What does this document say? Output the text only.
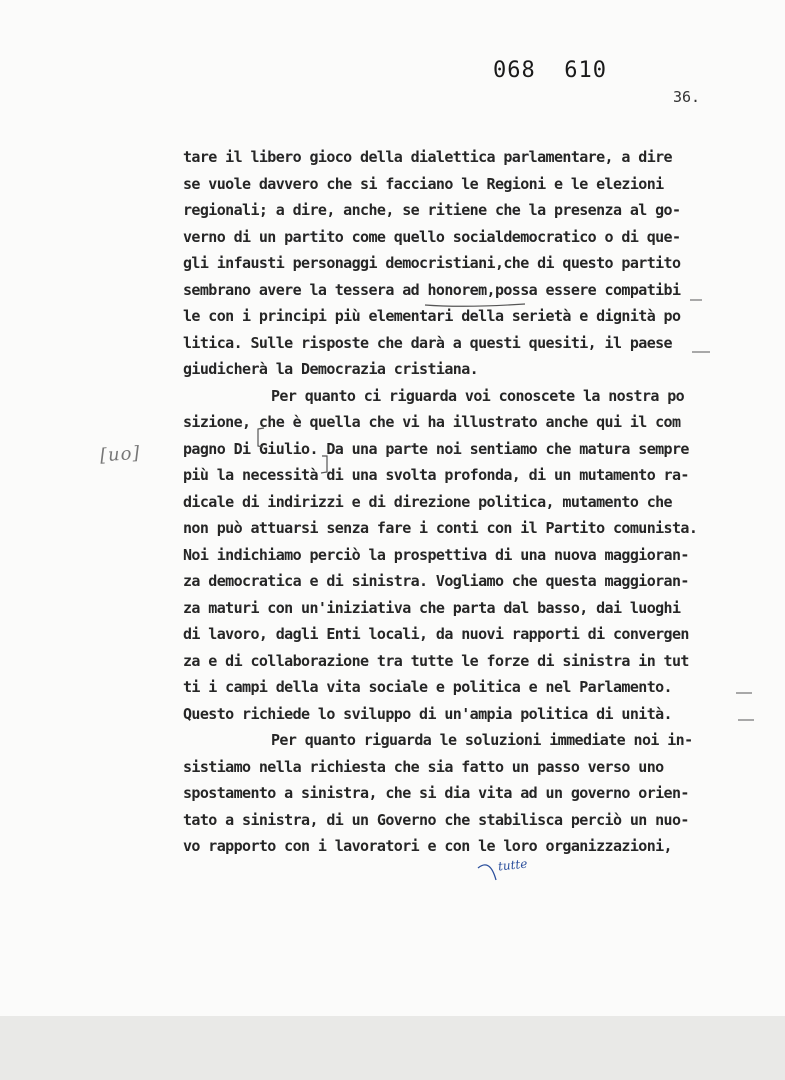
068  610
36.
[uo]
tare il libero gioco della dialettica parlamentare, a dire
se vuole davvero che si facciano le Regioni e le elezioni
regionali; a dire, anche, se ritiene che la presenza al go-
verno di un partito come quello socialdemocratico o di que-
gli infausti personaggi democristiani,che di questo partito
sembrano avere la tessera ad honorem,possa essere compatibi
le con i principi più elementari della serietà e dignità po
litica. Sulle risposte che darà a questi quesiti, il paese
giudicherà la Democrazia cristiana.
Per quanto ci riguarda voi conoscete la nostra po
sizione, che è quella che vi ha illustrato anche qui il com
pagno Di Giulio. Da una parte noi sentiamo che matura sempre
più la necessità di una svolta profonda, di un mutamento ra-
dicale di indirizzi e di direzione politica, mutamento che
non può attuarsi senza fare i conti con il Partito comunista.
Noi indichiamo perciò la prospettiva di una nuova maggioran-
za democratica e di sinistra. Vogliamo che questa maggioran-
za maturi con un'iniziativa che parta dal basso, dai luoghi
di lavoro, dagli Enti locali, da nuovi rapporti di convergen
za e di collaborazione tra tutte le forze di sinistra in tut
ti i campi della vita sociale e politica e nel Parlamento.
Questo richiede lo sviluppo di un'ampia politica di unità.
Per quanto riguarda le soluzioni immediate noi in-
sistiamo nella richiesta che sia fatto un passo verso uno
spostamento a sinistra, che si dia vita ad un governo orien-
tato a sinistra, di un Governo che stabilisca perciò un nuo-
vo rapporto con i lavoratori e con le loro organizzazioni,
tutte
